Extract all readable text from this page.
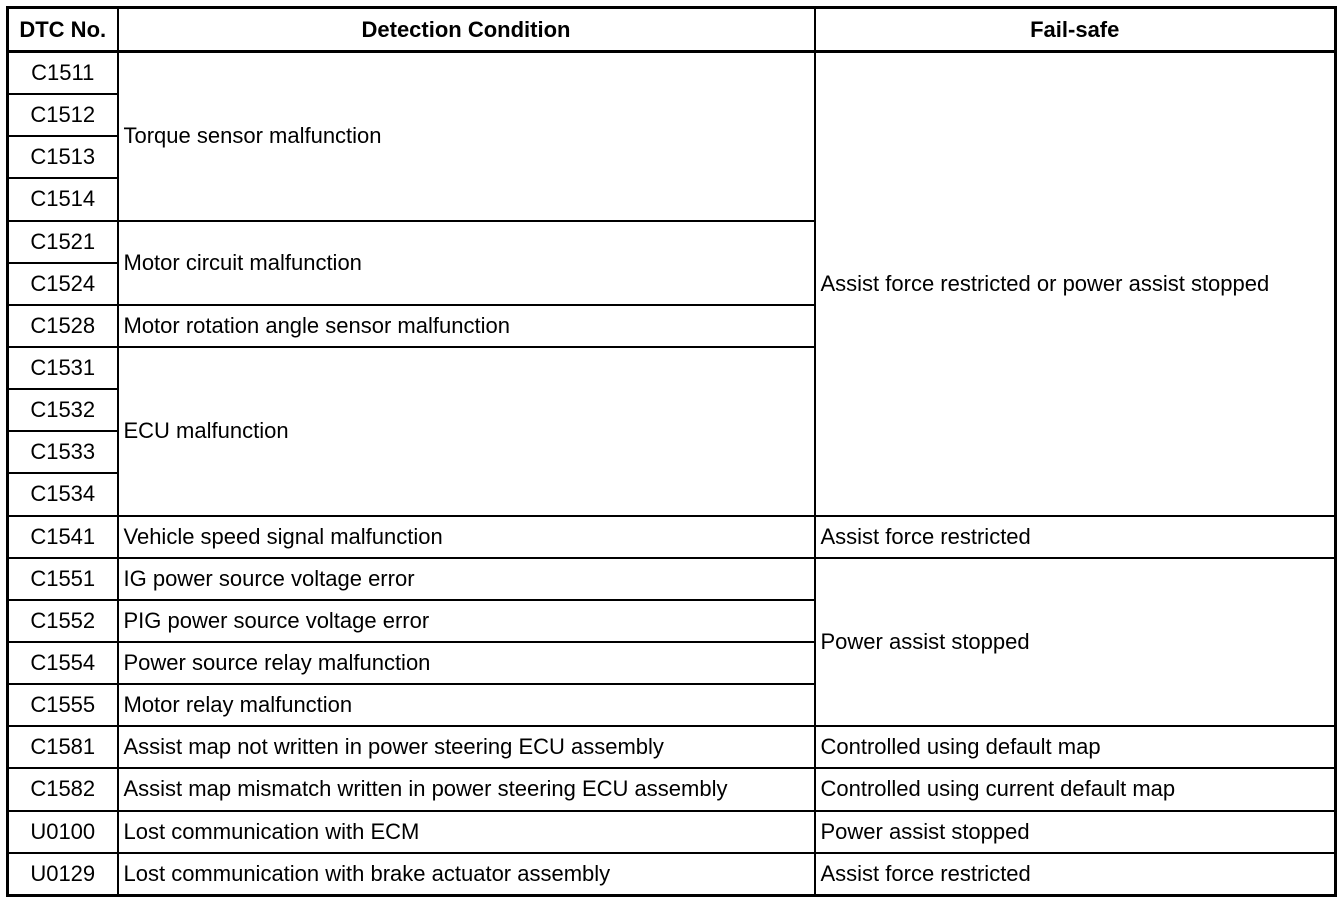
DTC No.	Detection Condition	Fail-safe
C1511	Torque sensor malfunction	Assist force restricted or power assist stopped
C1512		
C1513		
C1514		
C1521	Motor circuit malfunction	
C1524		
C1528	Motor rotation angle sensor malfunction	
C1531	ECU malfunction	
C1532		
C1533		
C1534		
C1541	Vehicle speed signal malfunction	Assist force restricted
C1551	IG power source voltage error	Power assist stopped
C1552	PIG power source voltage error	
C1554	Power source relay malfunction	
C1555	Motor relay malfunction	
C1581	Assist map not written in power steering ECU assembly	Controlled using default map
C1582	Assist map mismatch written in power steering ECU assembly	Controlled using current default map
U0100	Lost communication with ECM	Power assist stopped
U0129	Lost communication with brake actuator assembly	Assist force restricted
